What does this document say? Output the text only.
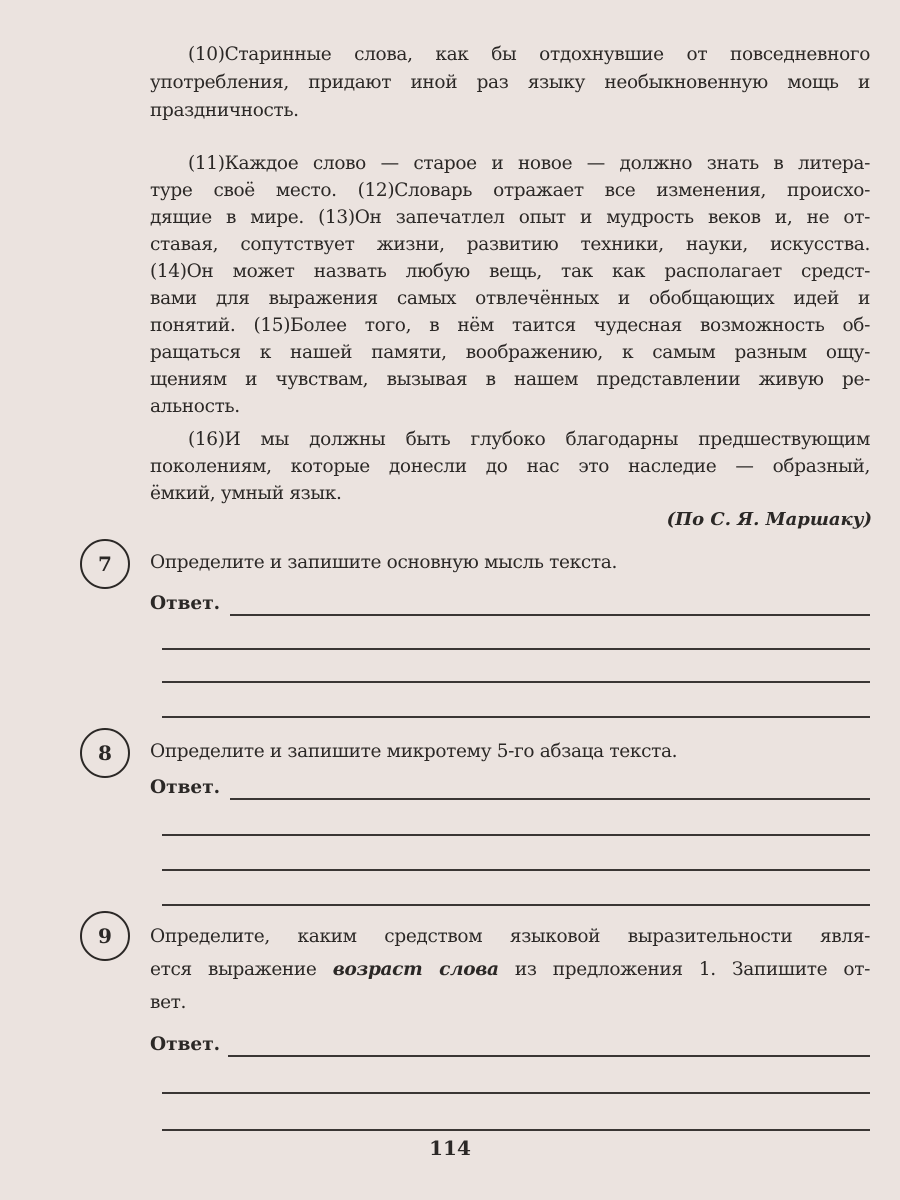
(10)Старинные слова, как бы отдохнувшие от повседневного
употребления, придают иной раз языку необыкновенную мощь и
праздничность.
(11)Каждое слово — старое и новое — должно знать в литера-
туре своё место. (12)Словарь отражает все изменения, происхо-
дящие в мире. (13)Он запечатлел опыт и мудрость веков и, не от-
ставая, сопутствует жизни, развитию техники, науки, искусства.
(14)Он может назвать любую вещь, так как располагает средст-
вами для выражения самых отвлечённых и обобщающих идей и
понятий. (15)Более того, в нём таится чудесная возможность об-
ращаться к нашей памяти, воображению, к самым разным ощу-
щениям и чувствам, вызывая в нашем представлении живую ре-
альность.
(16)И мы должны быть глубоко благодарны предшествующим
поколениям, которые донесли до нас это наследие — образный,
ёмкий, умный язык.
(По С. Я. Маршаку)
7	Определите и запишите основную мысль текста.
Ответ.
8	Определите и запишите микротему 5-го абзаца текста.
Ответ.
9	Определите, каким средством языковой выразительности явля-
ется выражение возраст слова из предложения 1. Запишите от-
вет.
Ответ.
114
